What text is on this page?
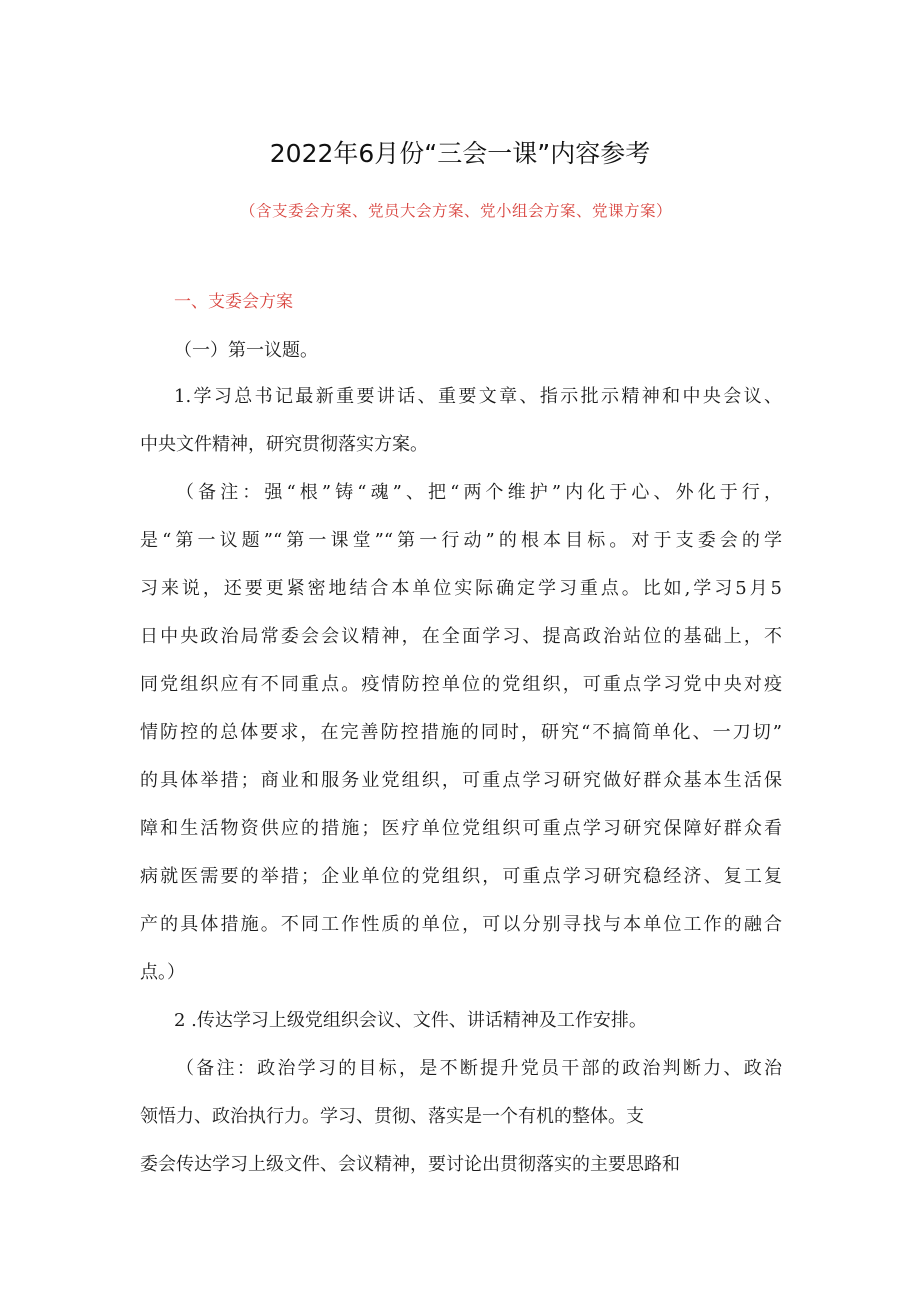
2022年6月份“三会一课”内容参考
（含支委会方案、党员大会方案、党小组会方案、党课方案）
一、支委会方案
（一）第一议题。
1.学习总书记最新重要讲话、重要文章、指示批示精神和中央会议、
中央文件精神，研究贯彻落实方案。
（备注：强“根”铸“魂”、把“两个维护”内化于心、外化于行，
是“第一议题”“第一课堂”“第一行动”的根本目标。对于支委会的学
习来说，还要更紧密地结合本单位实际确定学习重点。比如,学习5月5
日中央政治局常委会会议精神，在全面学习、提高政治站位的基础上，不
同党组织应有不同重点。疫情防控单位的党组织，可重点学习党中央对疫
情防控的总体要求，在完善防控措施的同时，研究“不搞简单化、一刀切”
的具体举措；商业和服务业党组织，可重点学习研究做好群众基本生活保
障和生活物资供应的措施；医疗单位党组织可重点学习研究保障好群众看
病就医需要的举措；企业单位的党组织，可重点学习研究稳经济、复工复
产的具体措施。不同工作性质的单位，可以分别寻找与本单位工作的融合
点。）
2 .传达学习上级党组织会议、文件、讲话精神及工作安排。
（备注：政治学习的目标，是不断提升党员干部的政治判断力、政治
领悟力、政治执行力。学习、贯彻、落实是一个有机的整体。支
委会传达学习上级文件、会议精神，要讨论出贯彻落实的主要思路和
